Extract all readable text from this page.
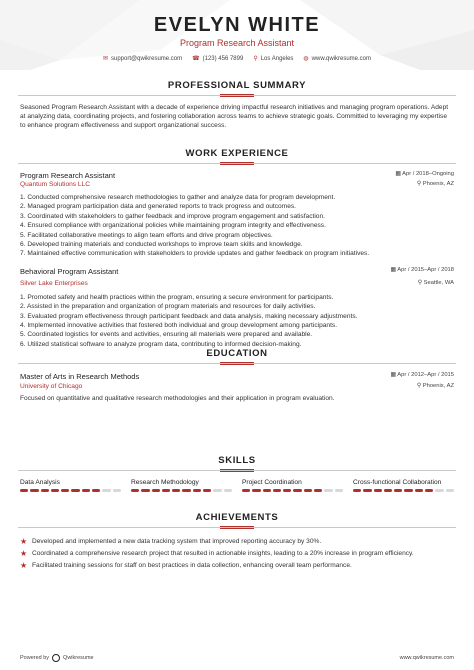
EVELYN WHITE
Program Research Assistant
✉ support@qwikresume.com ☎ (123) 456 7899 ⚲ Los Angeles ◍ www.qwikresume.com
PROFESSIONAL SUMMARY
Seasoned Program Research Assistant with a decade of experience driving impactful research initiatives and managing program operations. Adept at analyzing data, coordinating projects, and fostering collaboration across teams to achieve strategic goals. Committed to leveraging my expertise to enhance program effectiveness and support organizational success.
WORK EXPERIENCE
Program Research Assistant	▦ Apr / 2018–Ongoing
Quantum Solutions LLC	⚲ Phoenix, AZ
1. Conducted comprehensive research methodologies to gather and analyze data for program development.
2. Managed program participation data and generated reports to track progress and outcomes.
3. Coordinated with stakeholders to gather feedback and improve program engagement and satisfaction.
4. Ensured compliance with organizational policies while maintaining program integrity and effectiveness.
5. Facilitated collaborative meetings to align team efforts and drive program objectives.
6. Developed training materials and conducted workshops to improve team skills and knowledge.
7. Maintained effective communication with stakeholders to provide updates and gather feedback on program initiatives.
Behavioral Program Assistant	▦ Apr / 2015–Apr / 2018
Silver Lake Enterprises	⚲ Seattle, WA
1. Promoted safety and health practices within the program, ensuring a secure environment for participants.
2. Assisted in the preparation and organization of program materials and resources for daily activities.
3. Evaluated program effectiveness through participant feedback and data analysis, making necessary adjustments.
4. Implemented innovative activities that fostered both individual and group development among participants.
5. Coordinated logistics for events and activities, ensuring all materials were prepared and available.
6. Utilized statistical software to analyze program data, contributing to informed decision-making.
EDUCATION
Master of Arts in Research Methods	▦ Apr / 2012–Apr / 2015
University of Chicago	⚲ Phoenix, AZ
Focused on quantitative and qualitative research methodologies and their application in program evaluation.
SKILLS
Data Analysis	Research Methodology	Project Coordination	Cross-functional Collaboration
ACHIEVEMENTS
★ Developed and implemented a new data tracking system that improved reporting accuracy by 30%.
★ Coordinated a comprehensive research project that resulted in actionable insights, leading to a 20% increase in program efficiency.
★ Facilitated training sessions for staff on best practices in data collection, enhancing overall team performance.
Powered by	Qwikresume	www.qwikresume.com
